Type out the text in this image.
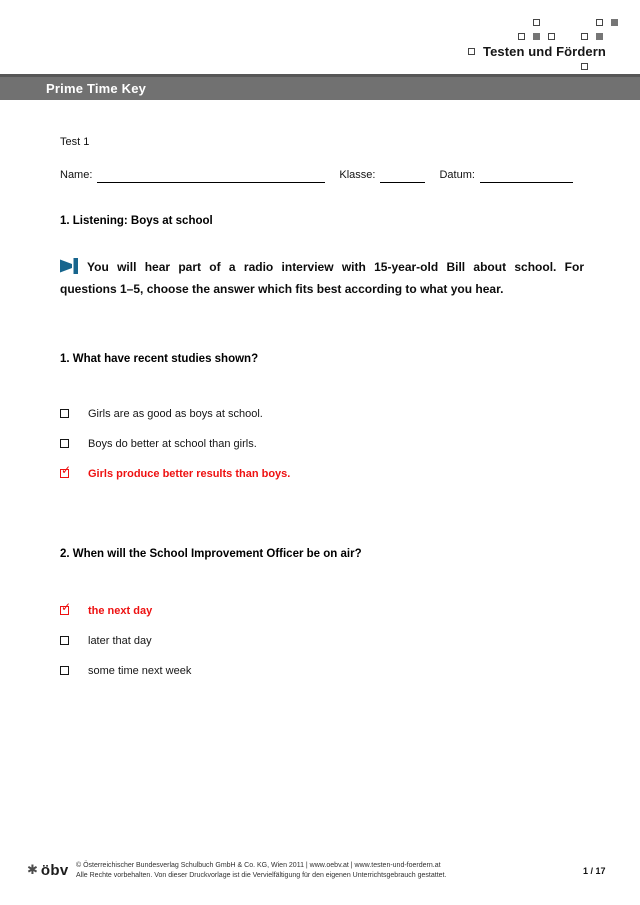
Testen und Fördern
Prime Time Key
Test 1
Name:	Klasse:	Datum:
1. Listening: Boys at school
You will hear part of a radio interview with 15-year-old Bill about school. For
questions 1–5, choose the answer which fits best according to what you hear.
1. What have recent studies shown?
Girls are as good as boys at school.
Boys do better at school than girls.
✓
Girls produce better results than boys.
2. When will the School Improvement Officer be on air?
✓
the next day
later that day
some time next week
✱ öbv © Österreichischer Bundesverlag Schulbuch GmbH & Co. KG, Wien 2011 | www.oebv.at | www.testen-und-foerdern.at
Alle Rechte vorbehalten. Von dieser Druckvorlage ist die Vervielfältigung für den eigenen Unterrichtsgebrauch gestattet.	1 / 17
